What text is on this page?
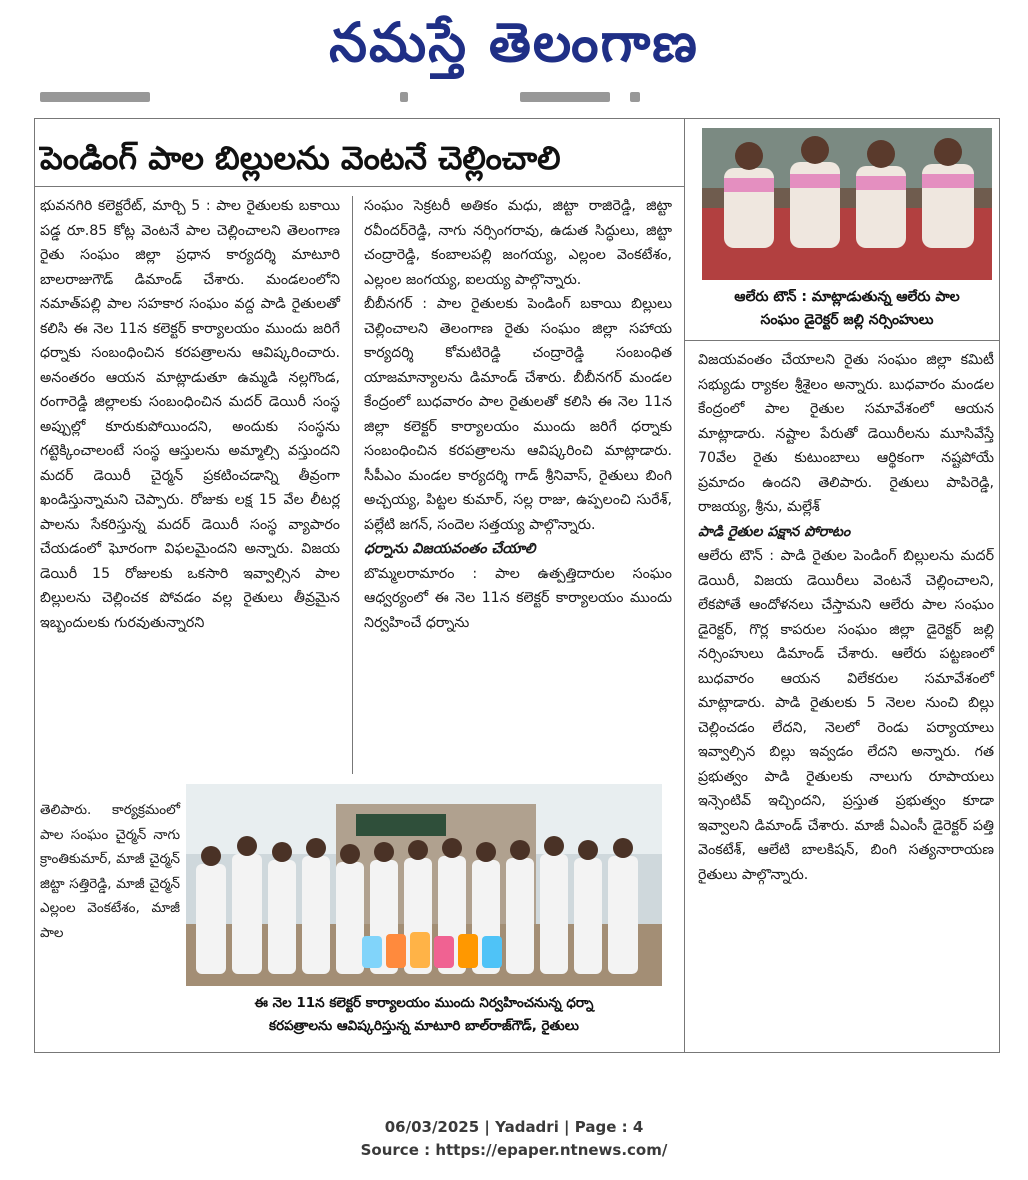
నమస్తే తెలంగాణ
పెండింగ్ పాల బిల్లులను వెంటనే చెల్లించాలి

భువనగిరి కలెక్టరేట్, మార్చి 5 : పాల రైతులకు బకాయి పడ్డ రూ.85 కోట్ల వెంటనే పాల చెల్లించాలని తెలంగాణ రైతు సంఘం జిల్లా ప్రధాన కార్యదర్శి మాటూరి బాలరాజుగౌడ్ డిమాండ్ చేశారు. మండలంలోని నమాత్‌పల్లి పాల సహకార సంఘం వద్ద పాడి రైతులతో కలిసి ఈ నెల 11న కలెక్టర్ కార్యాలయం ముందు జరిగే ధర్నాకు సంబంధించిన కరపత్రాలను ఆవిష్కరించారు. అనంతరం ఆయన మాట్లాడుతూ ఉమ్మడి నల్లగొండ, రంగారెడ్డి జిల్లాలకు సంబంధించిన మదర్ డెయిరీ సంస్థ అప్పుల్లో కూరుకుపోయిందని, అందుకు సంస్థను గట్టెక్కించాలంటే సంస్థ ఆస్తులను అమ్మాల్సి వస్తుందని మదర్ డెయిరీ చైర్మన్ ప్రకటించడాన్ని తీవ్రంగా ఖండిస్తున్నామని చెప్పారు. రోజుకు లక్ష 15 వేల లీటర్ల పాలను సేకరిస్తున్న మదర్ డెయిరీ సంస్థ వ్యాపారం చేయడంలో ఘోరంగా విఫలమైందని అన్నారు. విజయ డెయిరీ 15 రోజులకు ఒకసారి ఇవ్వాల్సిన పాల బిల్లులను చెల్లించక పోవడం వల్ల రైతులు తీవ్రమైన ఇబ్బందులకు గురవుతున్నారని

తెలిపారు. కార్యక్రమంలో పాల సంఘం చైర్మన్ నాగు క్రాంతికుమార్, మాజీ చైర్మన్ జిట్టా సత్తిరెడ్డి, మాజీ చైర్మన్ ఎల్లంల వెంకటేశం, మాజీ పాల

సంఘం సెక్రటరీ అతికం మధు, జిట్టా రాజిరెడ్డి, జిట్టా రవీందర్‌రెడ్డి, నాగు నర్సింగరావు, ఉడుత సిద్ధులు, జిట్టా చంద్రారెడ్డి, కంబాలపల్లి జంగయ్య, ఎల్లంల వెంకటేశం, ఎల్లంల జంగయ్య, ఐలయ్య పాల్గొన్నారు.

బీబీనగర్ : పాల రైతులకు పెండింగ్ బకాయి బిల్లులు చెల్లించాలని తెలంగాణ రైతు సంఘం జిల్లా సహాయ కార్యదర్శి కోమటిరెడ్డి చంద్రారెడ్డి సంబంధిత యాజమాన్యాలను డిమాండ్ చేశారు. బీబీనగర్ మండల కేంద్రంలో బుధవారం పాల రైతులతో కలిసి ఈ నెల 11న జిల్లా కలెక్టర్ కార్యాలయం ముందు జరిగే ధర్నాకు సంబంధించిన కరపత్రాలను ఆవిష్కరించి మాట్లాడారు. సీపీఎం మండల కార్యదర్శి గాడ్ శ్రీనివాస్, రైతులు బింగి అచ్చయ్య, పిట్టల కుమార్, సల్ల రాజు, ఉప్పలంచి సురేశ్, పల్లేటి జగన్, సందెల సత్తయ్య పాల్గొన్నారు.

ధర్నాను విజయవంతం చేయాలి

బొమ్మలరామారం : పాల ఉత్పత్తిదారుల సంఘం ఆధ్వర్యంలో ఈ నెల 11న కలెక్టర్ కార్యాలయం ముందు నిర్వహించే ధర్నాను

ఆలేరు టౌన్ : మాట్లాడుతున్న ఆలేరు పాల
సంఘం డైరెక్టర్ జల్లి నర్సింహులు

విజయవంతం చేయాలని రైతు సంఘం జిల్లా కమిటీ సభ్యుడు ర్యాకల శ్రీశైలం అన్నారు. బుధవారం మండల కేంద్రంలో పాల రైతుల సమావేశంలో ఆయన మాట్లాడారు. నష్టాల పేరుతో డెయిరీలను మూసివేస్తే 70వేల రైతు కుటుంబాలు ఆర్థికంగా నష్టపోయే ప్రమాదం ఉందని తెలిపారు. రైతులు పాపిరెడ్డి, రాజయ్య, శ్రీను, మల్లేశ్

పాడి రైతుల పక్షాన పోరాటం

ఆలేరు టౌన్ : పాడి రైతుల పెండింగ్ బిల్లులను మదర్ డెయిరీ, విజయ డెయిరీలు వెంటనే చెల్లించాలని, లేకపోతే ఆందోళనలు చేస్తామని ఆలేరు పాల సంఘం డైరెక్టర్, గొర్ల కాపరుల సంఘం జిల్లా డైరెక్టర్ జల్లి నర్సింహులు డిమాండ్ చేశారు. ఆలేరు పట్టణంలో బుధవారం ఆయన విలేకరుల సమావేశంలో మాట్లాడారు. పాడి రైతులకు 5 నెలల నుంచి బిల్లు చెల్లించడం లేదని, నెలలో రెండు పర్యాయాలు ఇవ్వాల్సిన బిల్లు ఇవ్వడం లేదని అన్నారు. గత ప్రభుత్వం పాడి రైతులకు నాలుగు రూపాయలు ఇన్సెంటివ్ ఇచ్చిందని, ప్రస్తుత ప్రభుత్వం కూడా ఇవ్వాలని డిమాండ్ చేశారు. మాజీ ఏఎంసీ డైరెక్టర్ పత్తి వెంకటేశ్, ఆలేటి బాలకిషన్, బింగి సత్యనారాయణ రైతులు పాల్గొన్నారు.

ఈ నెల 11న కలెక్టర్ కార్యాలయం ముందు నిర్వహించనున్న ధర్నా
కరపత్రాలను ఆవిష్కరిస్తున్న మాటూరి బాల్‌రాజ్‌గౌడ్, రైతులు
06/03/2025 | Yadadri | Page : 4
Source : https://epaper.ntnews.com/
